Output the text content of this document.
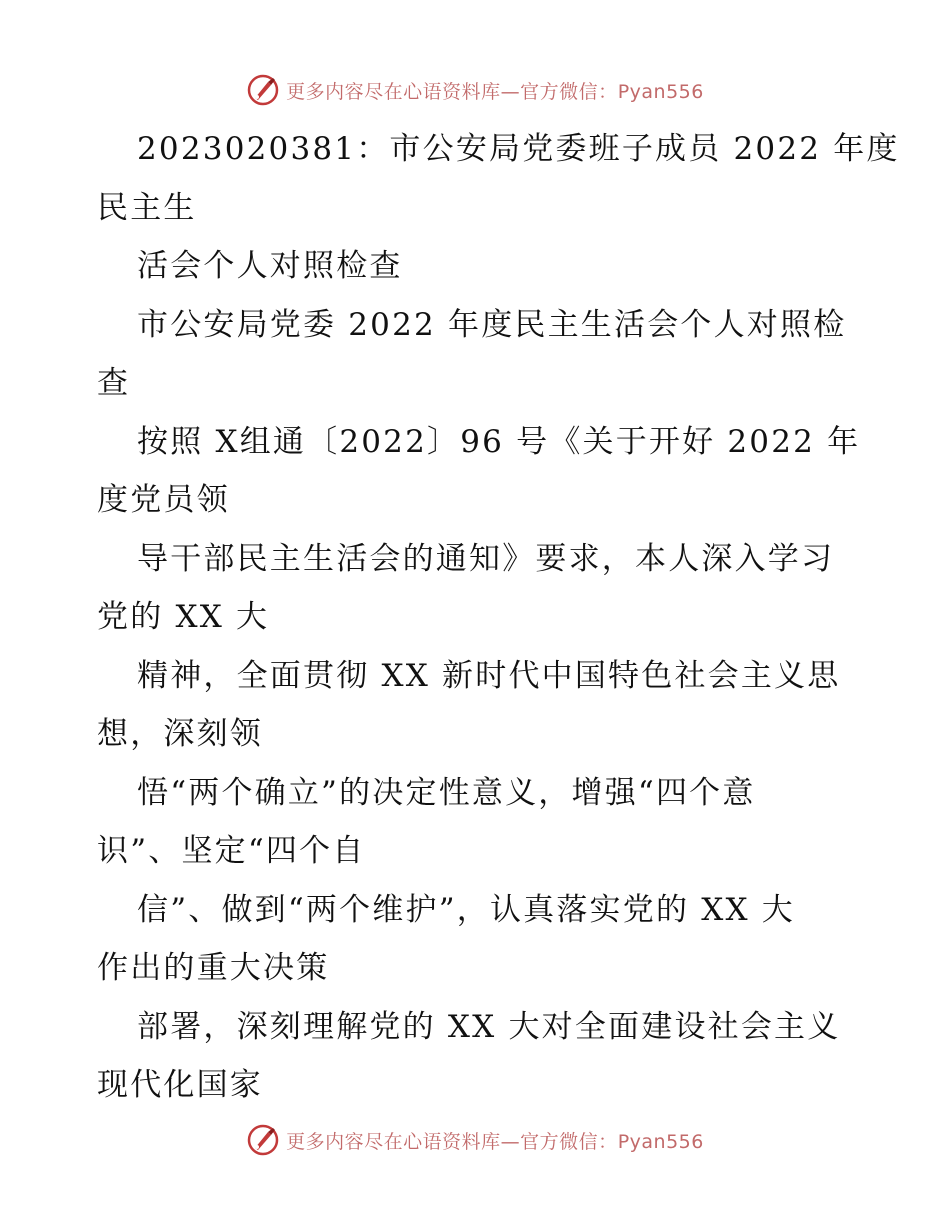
更多内容尽在心语资料库—官方微信：Pyan556
2023020381：市公安局党委班子成员 2022 年度
民主生
活会个人对照检查
市公安局党委 2022 年度民主生活会个人对照检
查
按照 X组通〔2022〕96 号《关于开好 2022 年
度党员领
导干部民主生活会的通知》要求，本人深入学习
党的 XX 大
精神，全面贯彻 XX 新时代中国特色社会主义思
想，深刻领
悟“两个确立”的决定性意义，增强“四个意
识”、坚定“四个自
信”、做到“两个维护”，认真落实党的 XX 大
作出的重大决策
部署，深刻理解党的 XX 大对全面建设社会主义
现代化国家
更多内容尽在心语资料库—官方微信：Pyan556
